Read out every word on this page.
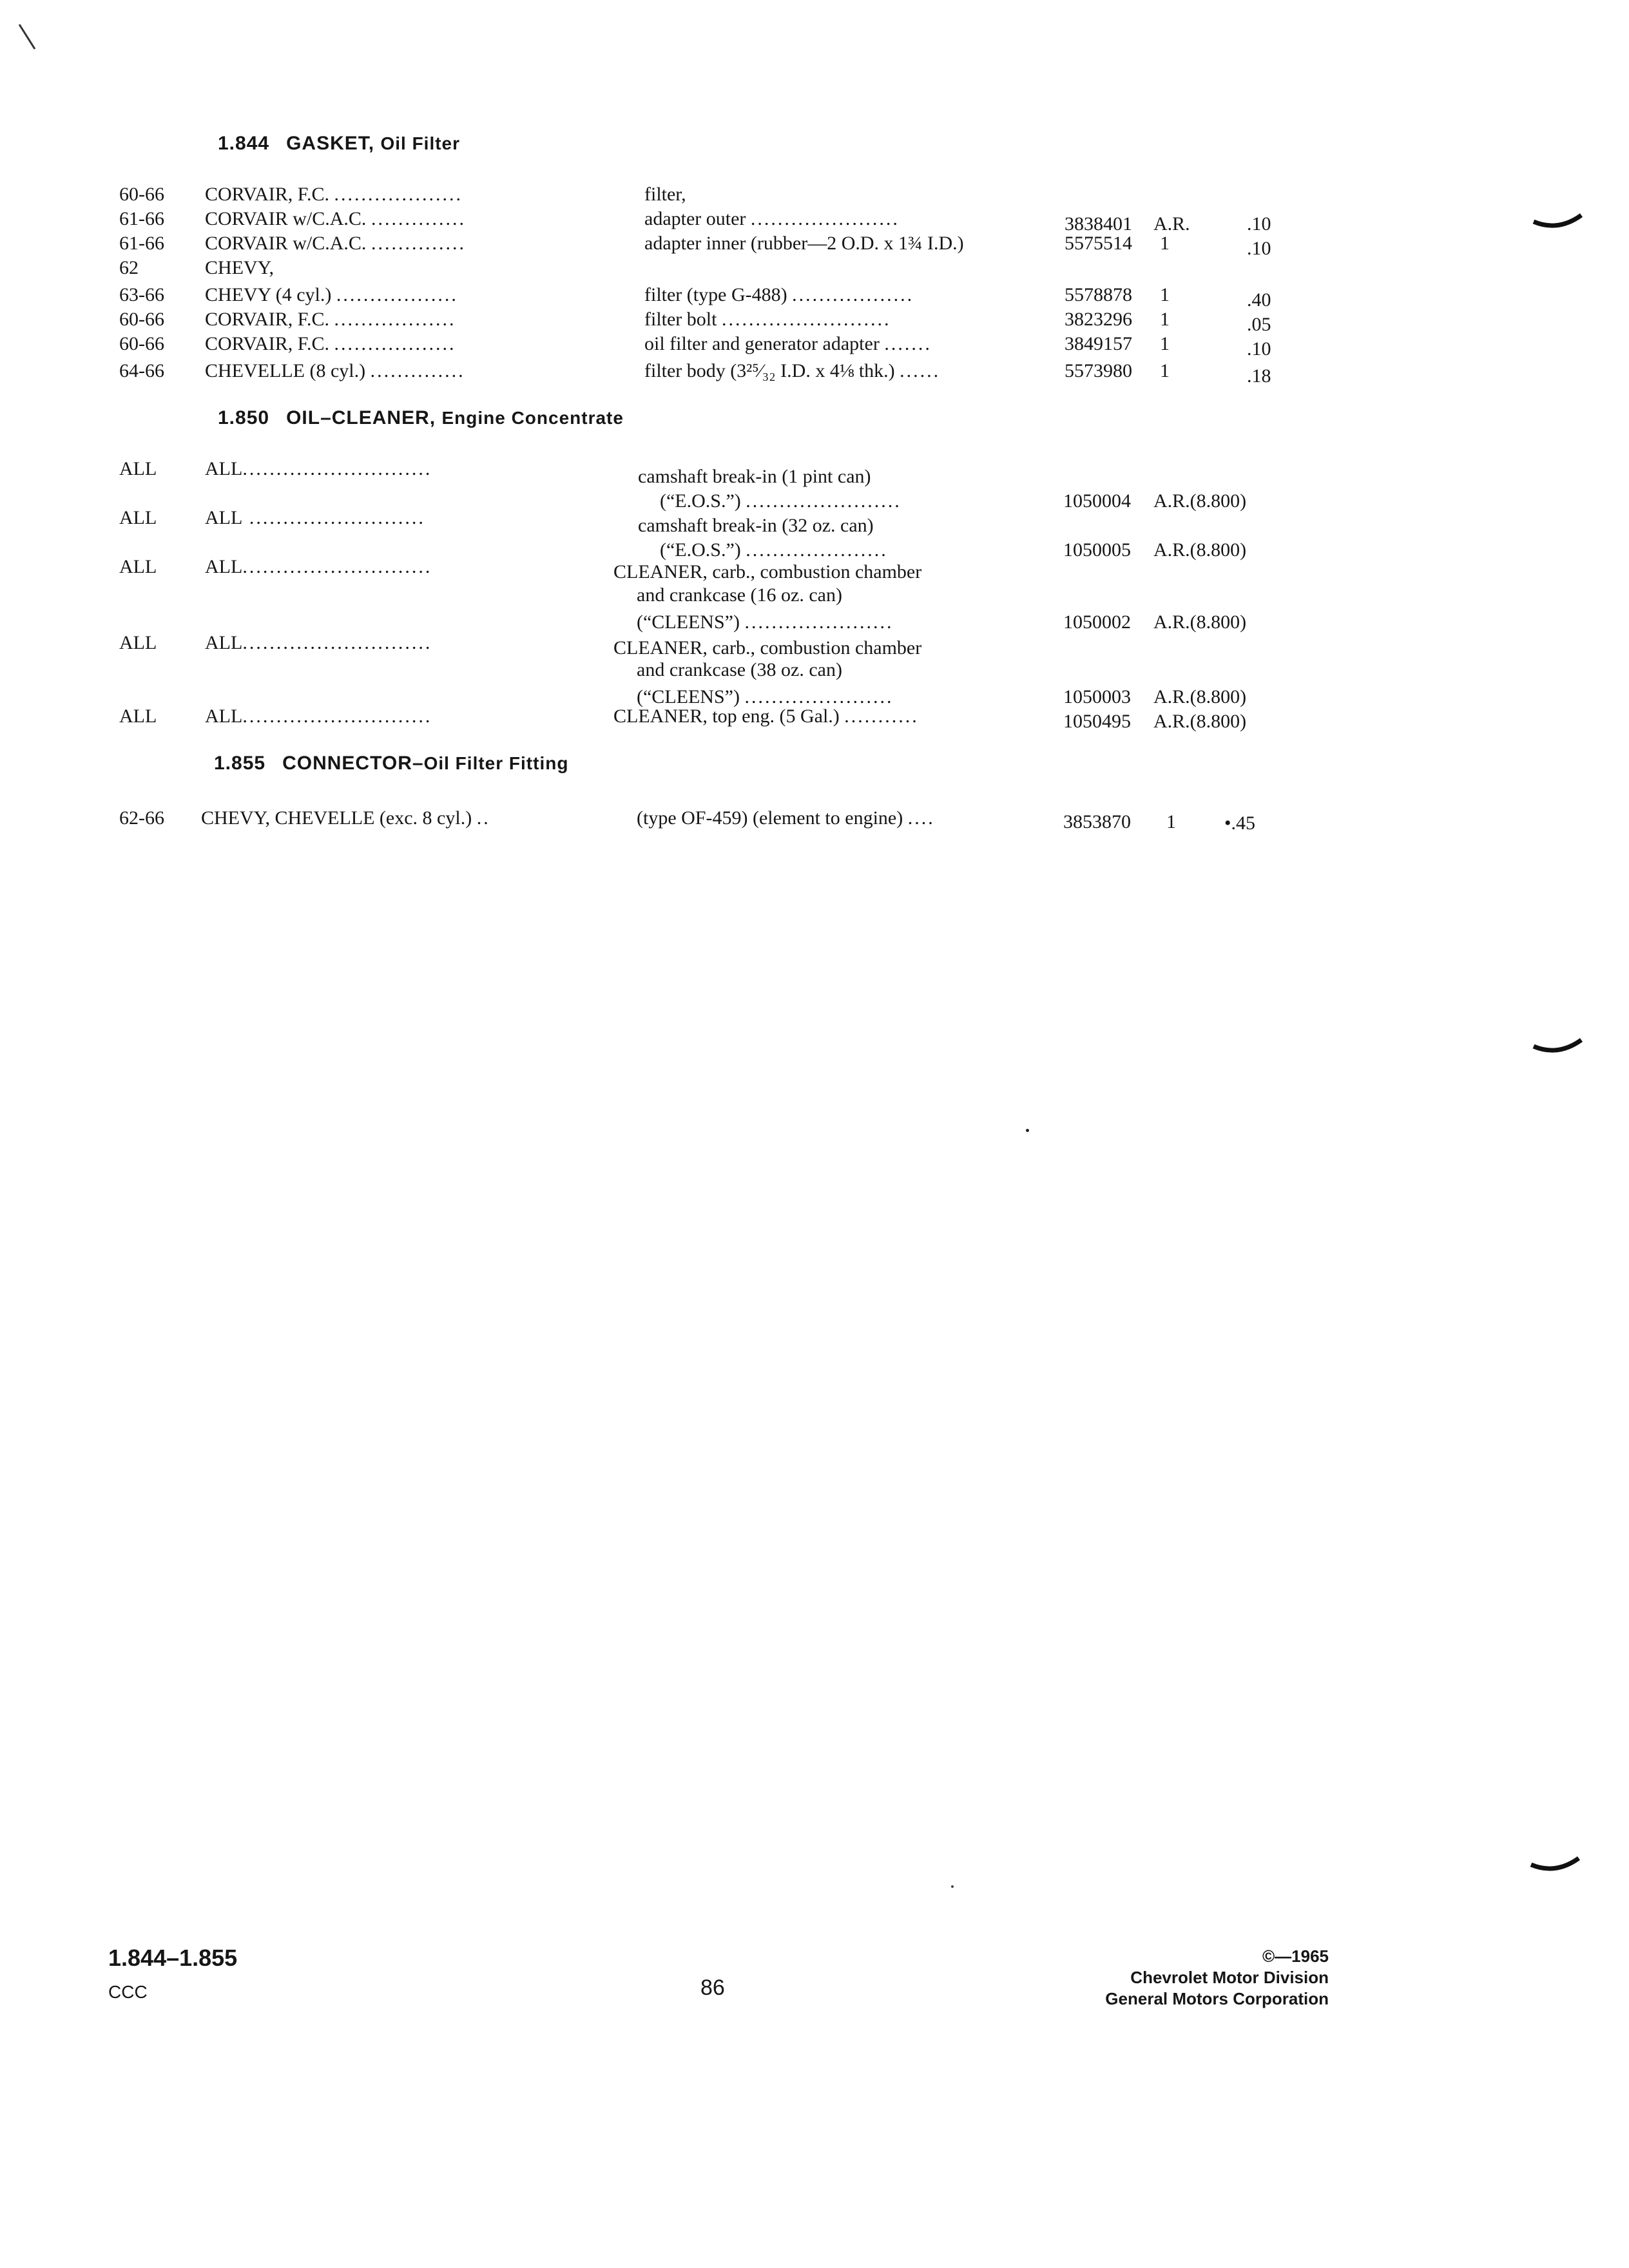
1.844 GASKET, Oil Filter
60-66 CORVAIR, F.C. ...................	filter,
61-66 CORVAIR w/C.A.C. ..............	adapter outer ......................	3838401 A.R.	.10
61-66 CORVAIR w/C.A.C. ..............	adapter inner (rubber—2 O.D. x 1¾ I.D.)	5575514 1	.10
62	CHEVY,
63-66 CHEVY (4 cyl.) ..................	filter (type G-488) ..................	5578878 1	.40
60-66 CORVAIR, F.C. ..................	filter bolt .........................	3823296 1	.05
60-66 CORVAIR, F.C. ..................	oil filter and generator adapter .......	3849157 1	.10
64-66 CHEVELLE (8 cyl.) ..............	filter body (3²⁵⁄₃₂ I.D. x 4⅛ thk.) ......	5573980 1	.18
1.850 OIL–CLEANER, Engine Concentrate
ALL ALL............................	camshaft break-in (1 pint can)
(“E.O.S.”) .......................	1050004 A.R.(8.800)
ALL ALL ..........................	camshaft break-in (32 oz. can)
(“E.O.S.”) .....................	1050005 A.R.(8.800)
ALL ALL............................	CLEANER, carb., combustion chamber
and crankcase (16 oz. can)
(“CLEENS”) ......................	1050002 A.R.(8.800)
ALL ALL............................	CLEANER, carb., combustion chamber
and crankcase (38 oz. can)
(“CLEENS”) ......................	1050003 A.R.(8.800)
ALL ALL............................	CLEANER, top eng. (5 Gal.) ...........	1050495 A.R.(8.800)
1.855 CONNECTOR–Oil Filter Fitting
62-66 CHEVY, CHEVELLE (exc. 8 cyl.) ..	(type OF-459) (element to engine) ....	3853870 1	•.45
1.844–1.855
CCC	86
©—1965
Chevrolet Motor Division
General Motors Corporation
